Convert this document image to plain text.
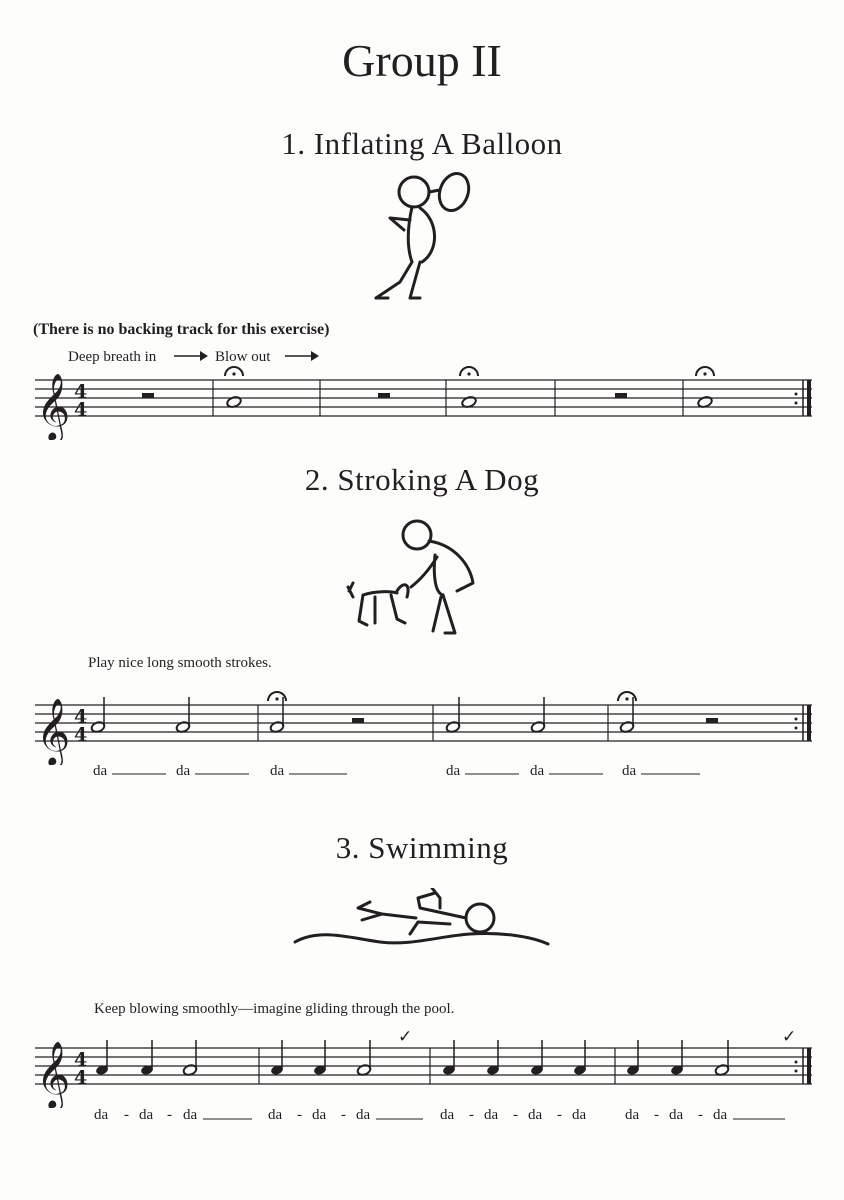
Group II
1. Inflating A Balloon
(There is no backing track for this exercise)
Deep breath in	Blow out
𝄞 4
4
2. Stroking A Dog
Play nice long smooth strokes.
𝄞 4
4
da	da	da	da	da	da
3. Swimming
Keep blowing smoothly—imagine gliding through the pool.
𝄞 4
4
✓	✓
da - da - da	da - da - da	da - da - da - da	da - da - da
